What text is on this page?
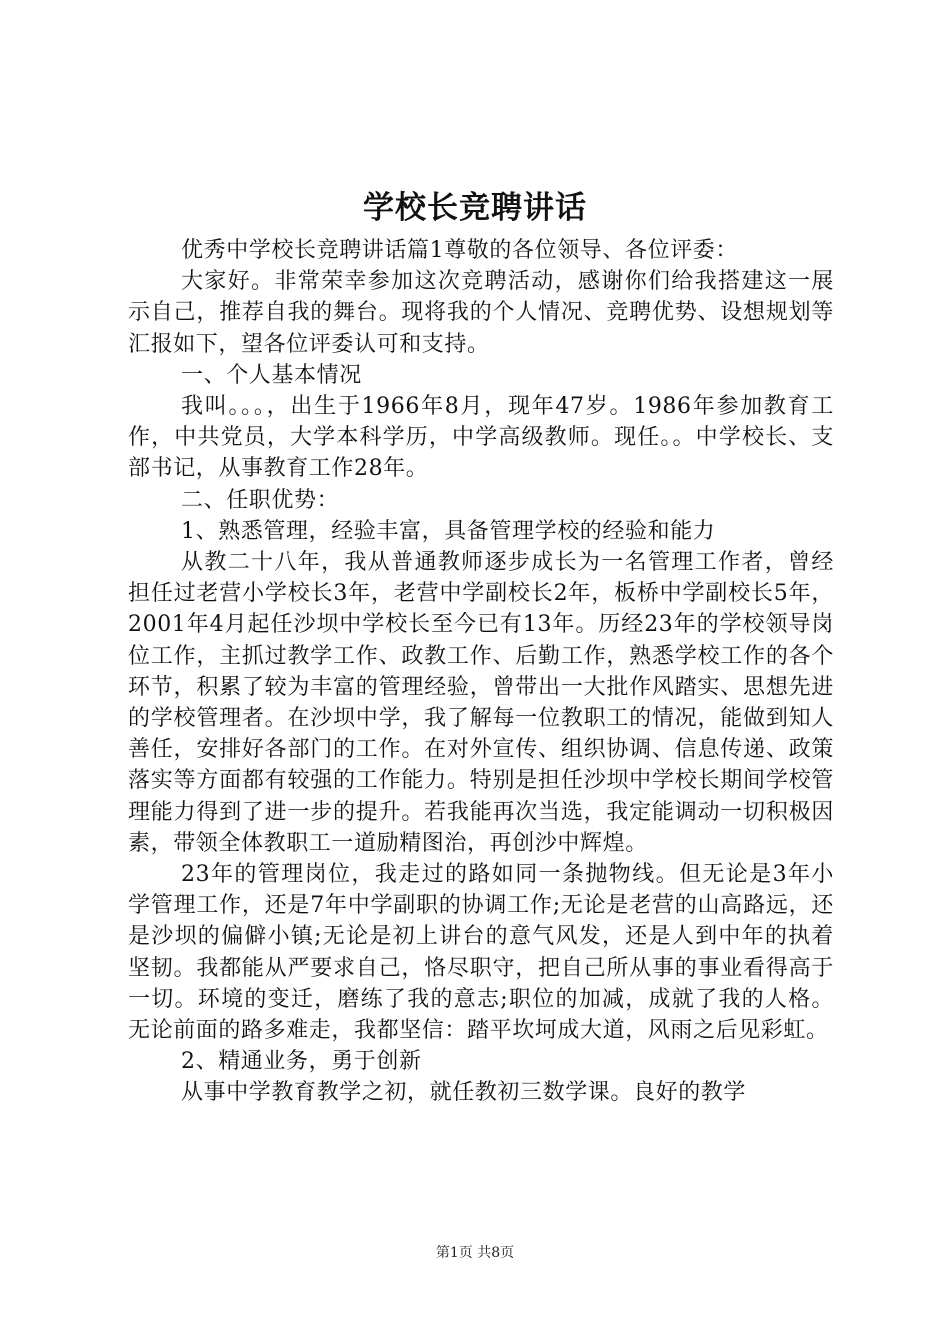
学校长竞聘讲话

优秀中学校长竞聘讲话篇1尊敬的各位领导、各位评委：

大家好。非常荣幸参加这次竞聘活动，感谢你们给我搭建这一展示自己，推荐自我的舞台。现将我的个人情况、竞聘优势、设想规划等汇报如下，望各位评委认可和支持。

一、个人基本情况

我叫。。。，出生于1966年8月，现年47岁。1986年参加教育工作，中共党员，大学本科学历，中学高级教师。现任。。中学校长、支部书记，从事教育工作28年。

二、任职优势：

1、熟悉管理，经验丰富，具备管理学校的经验和能力

从教二十八年，我从普通教师逐步成长为一名管理工作者，曾经担任过老营小学校长3年，老营中学副校长2年，板桥中学副校长5年，2001年4月起任沙坝中学校长至今已有13年。历经23年的学校领导岗位工作，主抓过教学工作、政教工作、后勤工作，熟悉学校工作的各个环节，积累了较为丰富的管理经验，曾带出一大批作风踏实、思想先进的学校管理者。在沙坝中学，我了解每一位教职工的情况，能做到知人善任，安排好各部门的工作。在对外宣传、组织协调、信息传递、政策落实等方面都有较强的工作能力。特别是担任沙坝中学校长期间学校管理能力得到了进一步的提升。若我能再次当选，我定能调动一切积极因素，带领全体教职工一道励精图治，再创沙中辉煌。

23年的管理岗位，我走过的路如同一条抛物线。但无论是3年小学管理工作，还是7年中学副职的协调工作;无论是老营的山高路远，还是沙坝的偏僻小镇;无论是初上讲台的意气风发，还是人到中年的执着坚韧。我都能从严要求自己，恪尽职守，把自己所从事的事业看得高于一切。环境的变迁，磨练了我的意志;职位的加减，成就了我的人格。无论前面的路多难走，我都坚信：踏平坎坷成大道，风雨之后见彩虹。

2、精通业务，勇于创新

从事中学教育教学之初，就任教初三数学课。良好的教学

第1页 共8页
